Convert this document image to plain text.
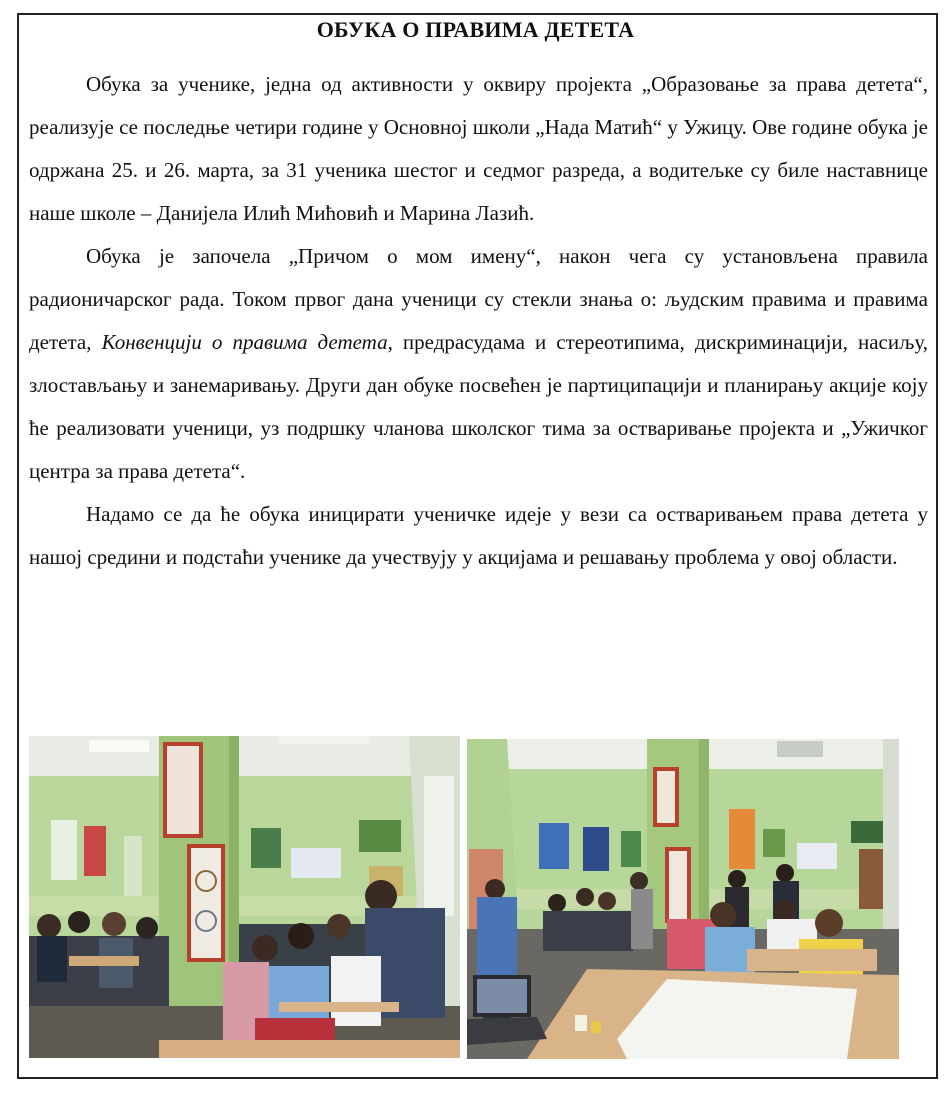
ОБУКА О ПРАВИМА ДЕТЕТА

Обука за ученике, једна од активности у оквиру пројекта „Образовање за права детета“, реализује се последње четири године у Основној школи „Нада Матић“ у Ужицу. Ове године обука је одржана 25. и 26. марта, за 31 ученика шестог и седмог разреда, а водитељке су биле наставнице наше школе – Данијела Илић Мићовић и Марина Лазић.

Обука је започела „Причом о мом имену“, након чега су установљена правила радионичарског рада. Током првог дана ученици су стекли знања о: људским правима и правима детета, Конвенцији о правима детета, предрасудама и стереотипима, дискриминацији, насиљу, злостављању и занемаривању. Други дан обуке посвећен је партиципацији и планирању акције коју ће реализовати ученици, уз подршку чланова школског тима за остваривање пројекта и „Ужичког центра за права детета“.

Надамо се да ће обука иницирати ученичке идеје у вези са остваривањем права детета у нашој средини и подстаћи ученике да учествују у акцијама и решавању проблема у овој области.
